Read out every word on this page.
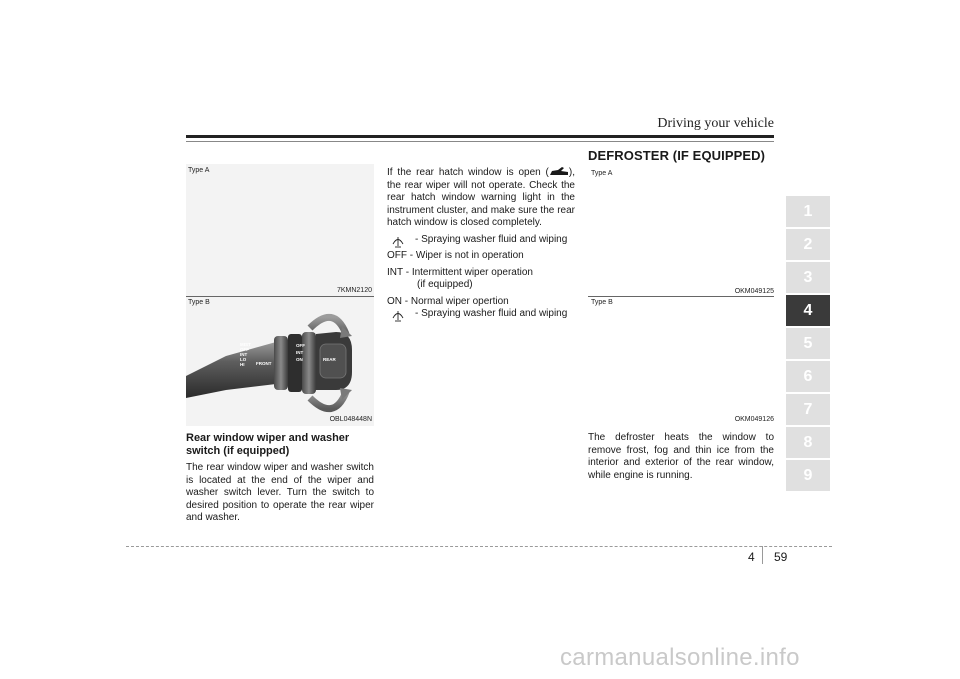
Driving your vehicle
DEFROSTER (IF EQUIPPED)
Type A
7KMN2120
Type B
MIST
OFF
INT
LO
HI	FRONT
OFF
INT
ON	REAR
OBL048448N
Rear window wiper and washer switch (if equipped)
The rear window wiper and washer switch is located at the end of the wiper and washer switch lever. Turn the switch to desired position to operate the rear wiper and washer.

If the rear hatch window is open ( ), the rear wiper will not operate. Check the rear hatch window warning light in the instrument cluster, and make sure the rear hatch window is closed completely.

- Spraying washer fluid and wiping

OFF - Wiper is not in operation

INT - Intermittent wiper operation

(if equipped)

ON - Normal wiper opertion

- Spraying washer fluid and wiping

Type A
OKM049125
Type B
OKM049126
The defroster heats the window to remove frost, fog and thin ice from the interior and exterior of the rear window, while engine is running.
1
2
3
4
5
6
7
8
9
4 59
carmanualsonline.info
